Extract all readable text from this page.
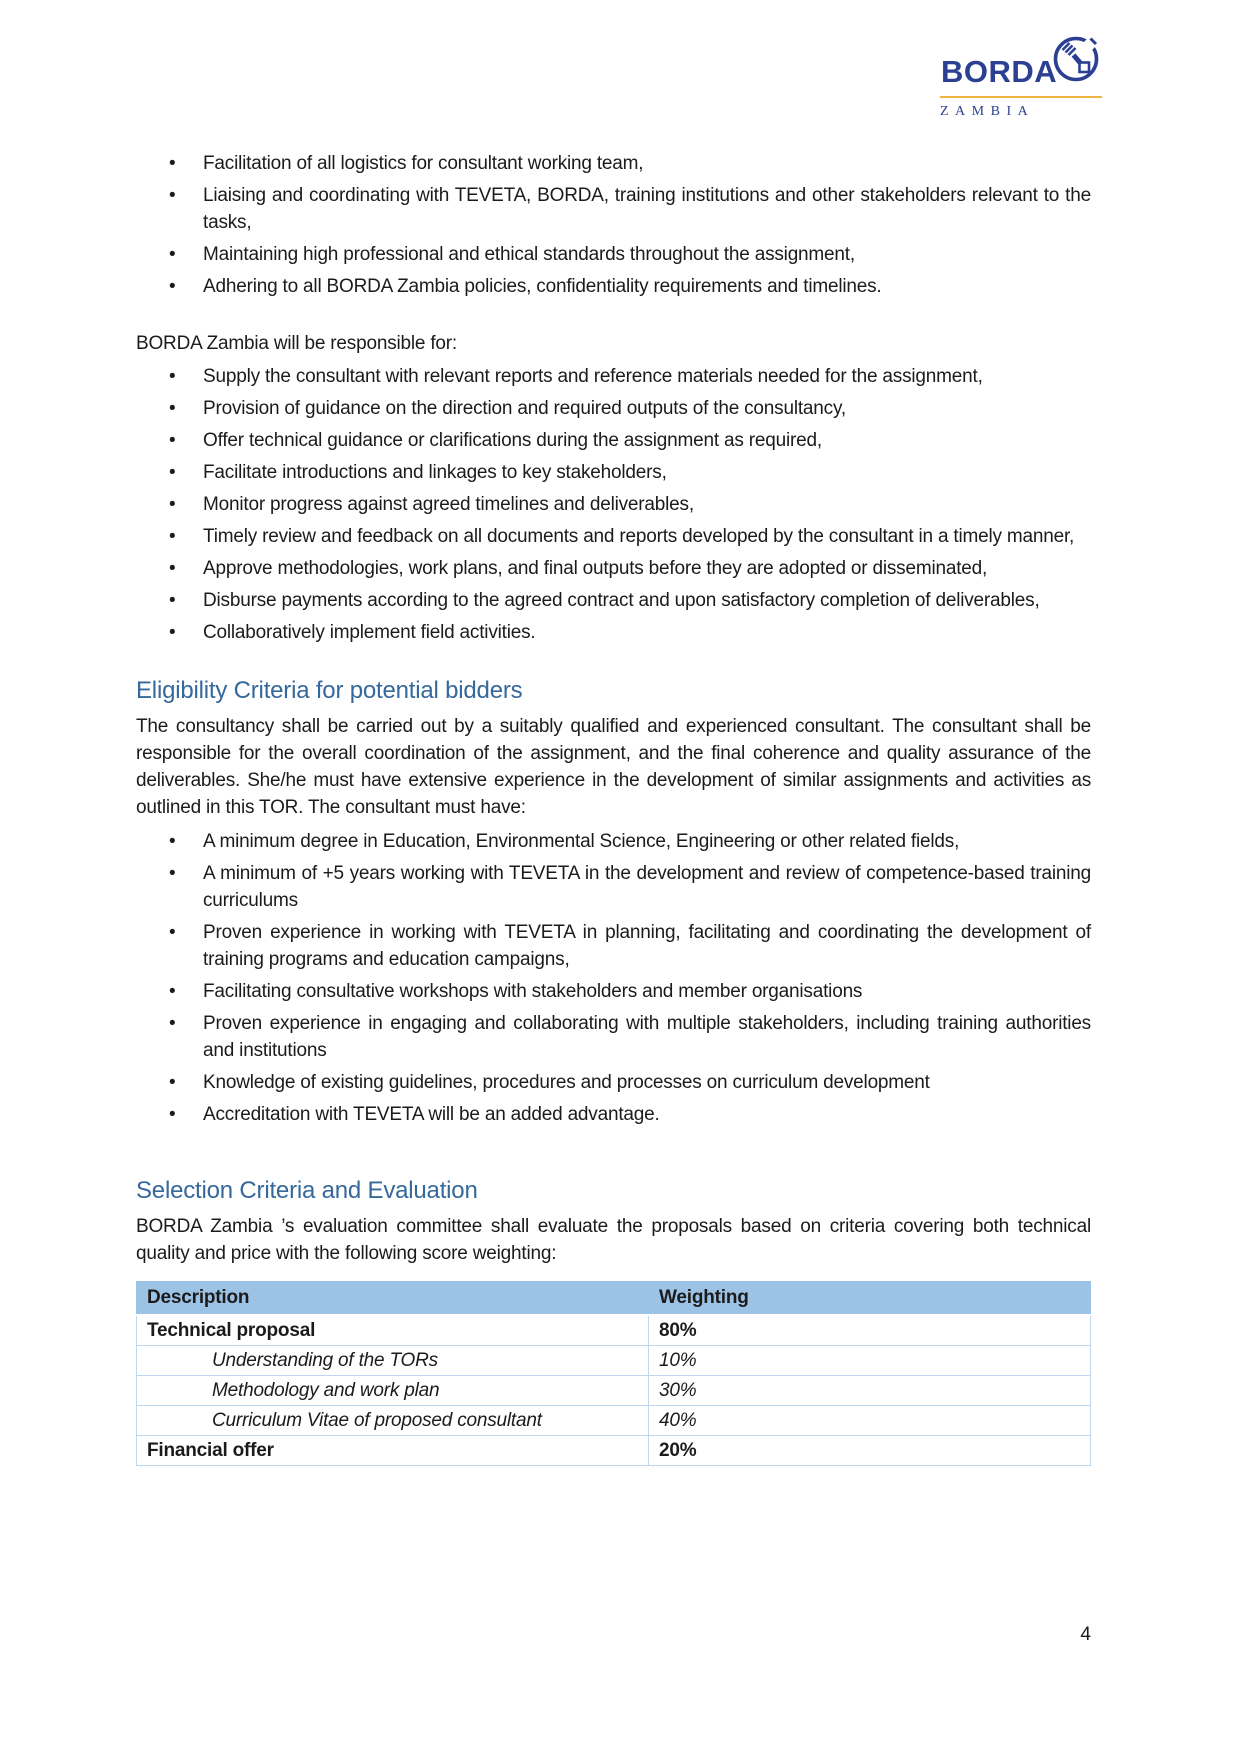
BORDA
ZAMBIA
• Facilitation of all logistics for consultant working team,
• Liaising and coordinating with TEVETA, BORDA, training institutions and other stakeholders relevant to the tasks,
• Maintaining high professional and ethical standards throughout the assignment,
• Adhering to all BORDA Zambia policies, confidentiality requirements and timelines.

BORDA Zambia will be responsible for:

• Supply the consultant with relevant reports and reference materials needed for the assignment,
• Provision of guidance on the direction and required outputs of the consultancy,
• Offer technical guidance or clarifications during the assignment as required,
• Facilitate introductions and linkages to key stakeholders,
• Monitor progress against agreed timelines and deliverables,
• Timely review and feedback on all documents and reports developed by the consultant in a timely manner,
• Approve methodologies, work plans, and final outputs before they are adopted or disseminated,
• Disburse payments according to the agreed contract and upon satisfactory completion of deliverables,
• Collaboratively implement field activities.
Eligibility Criteria for potential bidders

The consultancy shall be carried out by a suitably qualified and experienced consultant. The consultant shall be responsible for the overall coordination of the assignment, and the final coherence and quality assurance of the deliverables. She/he must have extensive experience in the development of similar assignments and activities as outlined in this TOR. The consultant must have:

• A minimum degree in Education, Environmental Science, Engineering or other related fields,
• A minimum of +5 years working with TEVETA in the development and review of competence-based training curriculums
• Proven experience in working with TEVETA in planning, facilitating and coordinating the development of training programs and education campaigns,
• Facilitating consultative workshops with stakeholders and member organisations
• Proven experience in engaging and collaborating with multiple stakeholders, including training authorities and institutions
• Knowledge of existing guidelines, procedures and processes on curriculum development
• Accreditation with TEVETA will be an added advantage.
Selection Criteria and Evaluation

BORDA Zambia ’s evaluation committee shall evaluate the proposals based on criteria covering both technical quality and price with the following score weighting:

Description	Weighting
Technical proposal	80%
Understanding of the TORs	10%
Methodology and work plan	30%
Curriculum Vitae of proposed consultant	40%
Financial offer	20%
4
